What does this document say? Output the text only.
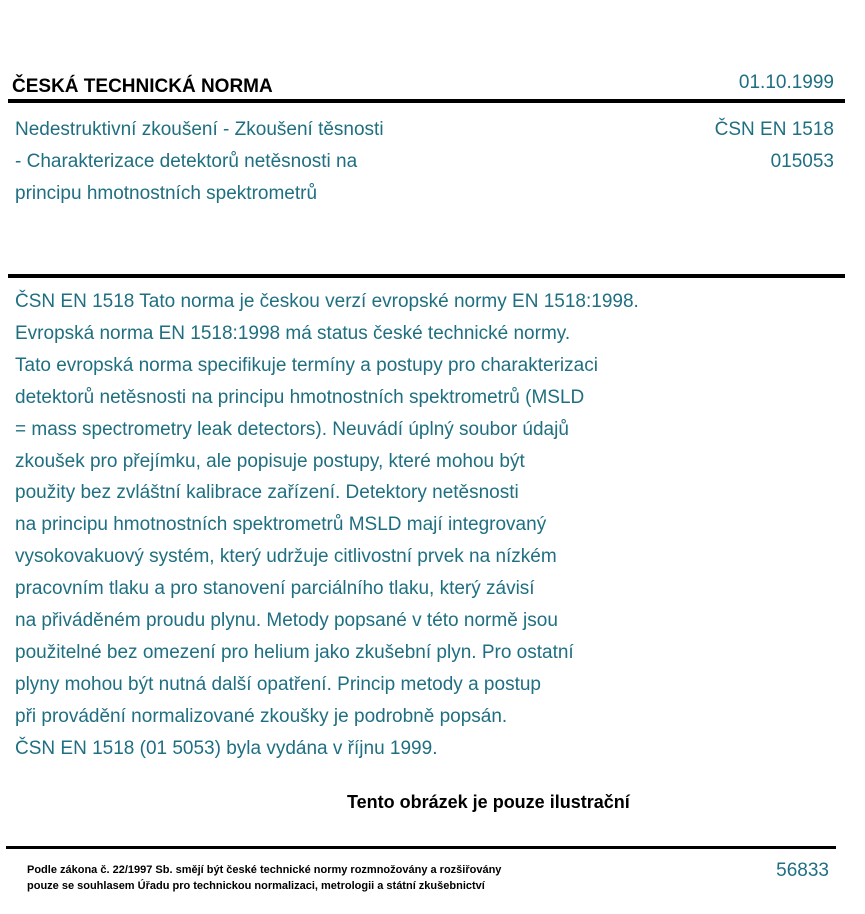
ČESKÁ TECHNICKÁ NORMA	01.10.1999
Nedestruktivní zkoušení - Zkoušení těsnosti
- Charakterizace detektorů netěsnosti na
principu hmotnostních spektrometrů
ČSN EN 1518
015053
ČSN EN 1518 Tato norma je českou verzí evropské normy EN 1518:1998.
Evropská norma EN 1518:1998 má status české technické normy.
Tato evropská norma specifikuje termíny a postupy pro charakterizaci
detektorů netěsnosti na principu hmotnostních spektrometrů (MSLD
= mass spectrometry leak detectors). Neuvádí úplný soubor údajů
zkoušek pro přejímku, ale popisuje postupy, které mohou být
použity bez zvláštní kalibrace zařízení. Detektory netěsnosti
na principu hmotnostních spektrometrů MSLD mají integrovaný
vysokovakuový systém, který udržuje citlivostní prvek na nízkém
pracovním tlaku a pro stanovení parciálního tlaku, který závisí
na přiváděném proudu plynu. Metody popsané v této normě jsou
použitelné bez omezení pro helium jako zkušební plyn. Pro ostatní
plyny mohou být nutná další opatření. Princip metody a postup
při provádění normalizované zkoušky je podrobně popsán.
ČSN EN 1518 (01 5053) byla vydána v říjnu 1999.
Tento obrázek je pouze ilustrační
Podle zákona č. 22/1997 Sb. smějí být české technické normy rozmnožovány a rozšiřovány
pouze se souhlasem Úřadu pro technickou normalizaci, metrologii a státní zkušebnictví
56833
